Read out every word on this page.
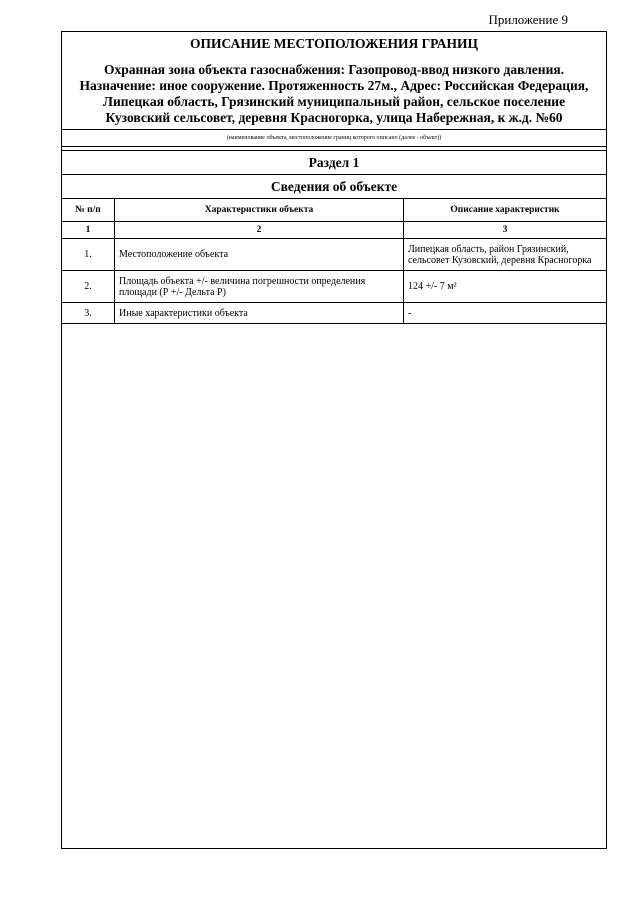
Приложение 9
ОПИСАНИЕ МЕСТОПОЛОЖЕНИЯ ГРАНИЦ
Охранная зона объекта газоснабжения: Газопровод-ввод низкого давления. Назначение: иное сооружение. Протяженность 27м., Адрес: Российская Федерация, Липецкая область, Грязинский муниципальный район, сельское поселение Кузовский сельсовет, деревня Красногорка, улица Набережная, к ж.д. №60
(наименование объекта, местоположение границ которого описано (далее - объект))
Раздел 1
Сведения об объекте
№ п/п	Характеристики объекта	Описание характеристик
1	2	3
1.	Местоположение объекта	Липецкая область, район Грязинский, сельсовет Кузовский, деревня Красногорка
2.	Площадь объекта +/- величина погрешности определения площади (Р +/- Дельта Р)	124 +/- 7 м²
3.	Иные характеристики объекта	-
